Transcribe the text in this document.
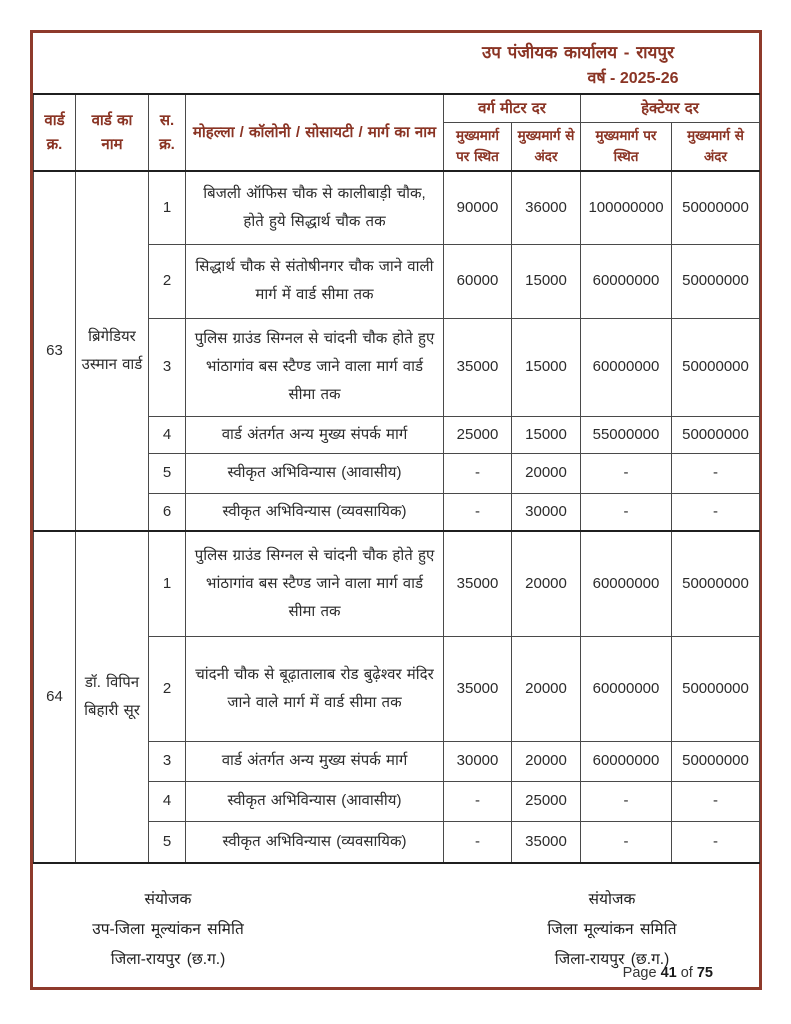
उप पंजीयक कार्यालय - रायपुर
वर्ष - 2025-26
वार्ड क्र.	वार्ड का नाम	स. क्र.	मोहल्ला / कॉलोनी / सोसायटी / मार्ग का नाम	वर्ग मीटर दर		हेक्टेयर दर	
				मुख्यमार्ग पर स्थित	मुख्यमार्ग से अंदर	मुख्यमार्ग पर स्थित	मुख्यमार्ग से अंदर
63	ब्रिगेडियर उस्मान वार्ड	1	बिजली ऑफिस चौक से कालीबाड़ी चौक, होते हुये सिद्धार्थ चौक तक	90000	36000	100000000	50000000
		2	सिद्धार्थ चौक से संतोषीनगर चौक जाने वाली मार्ग में वार्ड सीमा तक	60000	15000	60000000	50000000
		3	पुलिस ग्राउंड सिग्नल से चांदनी चौक होते हुए भांठागांव बस स्टैण्ड जाने वाला मार्ग वार्ड सीमा तक	35000	15000	60000000	50000000
		4	वार्ड अंतर्गत अन्य मुख्य संपर्क मार्ग	25000	15000	55000000	50000000
		5	स्वीकृत अभिविन्यास (आवासीय)	-	20000	-	-
		6	स्वीकृत अभिविन्यास (व्यवसायिक)	-	30000	-	-
64	डॉ. विपिन बिहारी सूर	1	पुलिस ग्राउंड सिग्नल से चांदनी चौक होते हुए भांठागांव बस स्टैण्ड जाने वाला मार्ग वार्ड सीमा तक	35000	20000	60000000	50000000
		2	चांदनी चौक से बूढ़ातालाब रोड बुढ़ेश्वर मंदिर जाने वाले मार्ग में वार्ड सीमा तक	35000	20000	60000000	50000000
		3	वार्ड अंतर्गत अन्य मुख्य संपर्क मार्ग	30000	20000	60000000	50000000
		4	स्वीकृत अभिविन्यास (आवासीय)	-	25000	-	-
		5	स्वीकृत अभिविन्यास (व्यवसायिक)	-	35000	-	-
संयोजक
उप-जिला मूल्यांकन समिति
जिला-रायपुर (छ.ग.)
संयोजक
जिला मूल्यांकन समिति
जिला-रायपुर (छ.ग.)
Page 41 of 75
